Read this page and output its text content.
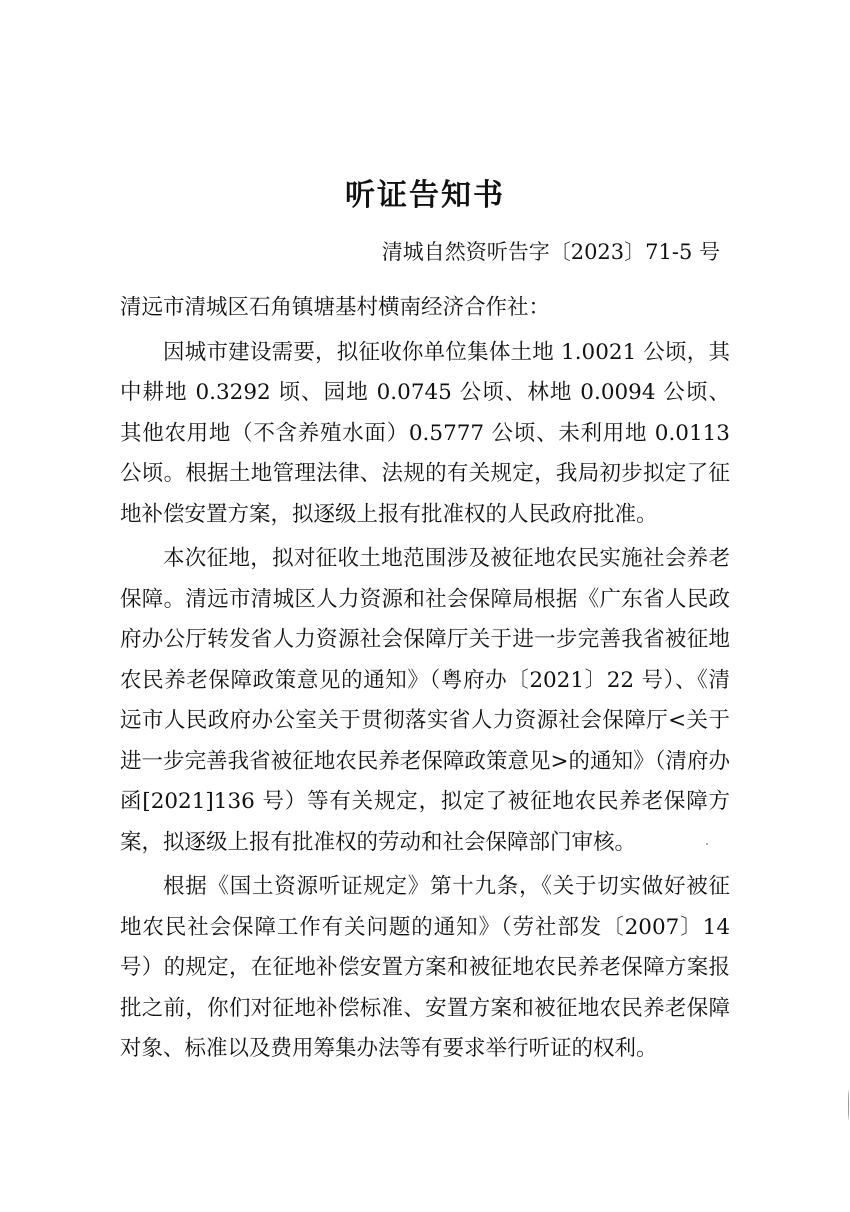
听证告知书
清城自然资听告字〔2023〕71-5 号

清远市清城区石角镇塘基村横南经济合作社：

因城市建设需要，拟征收你单位集体土地 1.0021 公顷，其中耕地 0.3292 顷、园地 0.0745 公顷、林地 0.0094 公顷、其他农用地（不含养殖水面）0.5777 公顷、未利用地 0.0113 公顷。根据土地管理法律、法规的有关规定，我局初步拟定了征地补偿安置方案，拟逐级上报有批准权的人民政府批准。

本次征地，拟对征收土地范围涉及被征地农民实施社会养老保障。清远市清城区人力资源和社会保障局根据《广东省人民政府办公厅转发省人力资源社会保障厅关于进一步完善我省被征地农民养老保障政策意见的通知》（粤府办〔2021〕22 号）、《清远市人民政府办公室关于贯彻落实省人力资源社会保障厅<关于进一步完善我省被征地农民养老保障政策意见>的通知》（清府办函[2021]136 号）等有关规定，拟定了被征地农民养老保障方案，拟逐级上报有批准权的劳动和社会保障部门审核。

根据《国土资源听证规定》第十九条，《关于切实做好被征地农民社会保障工作有关问题的通知》（劳社部发〔2007〕14 号）的规定，在征地补偿安置方案和被征地农民养老保障方案报批之前，你们对征地补偿标准、安置方案和被征地农民养老保障对象、标准以及费用筹集办法等有要求举行听证的权利。
